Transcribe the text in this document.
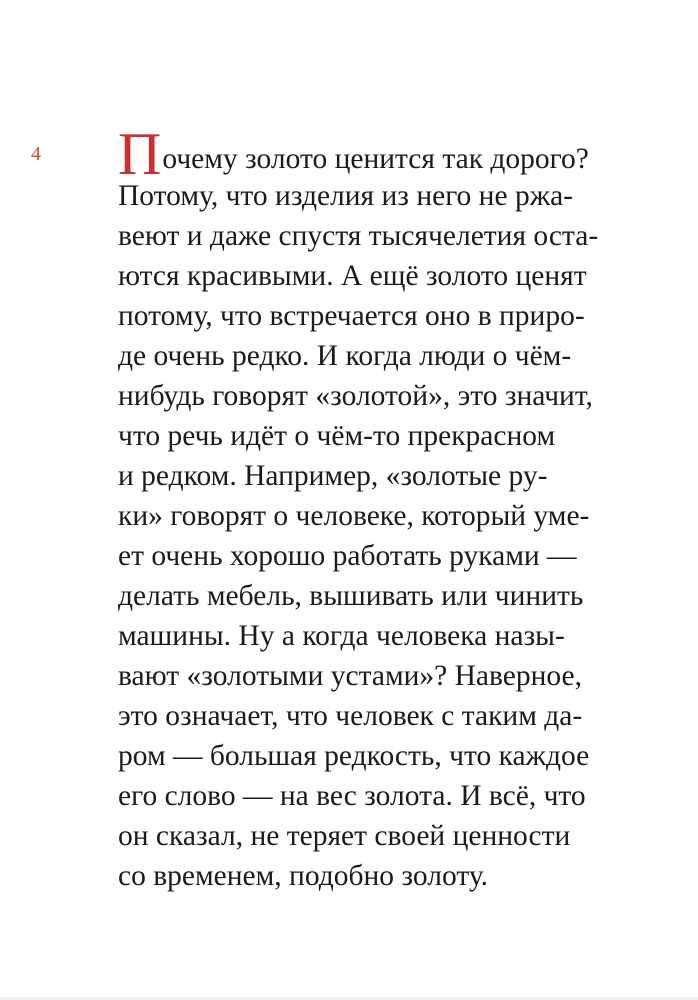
4 Почему золото ценится так дорого?
Потому, что изделия из него не ржа-
веют и даже спустя тысячелетия оста-
ются красивыми. А ещё золото ценят
потому, что встречается оно в приро-
де очень редко. И когда люди о чём-
нибудь говорят «золотой», это значит,
что речь идёт о чём-то прекрасном
и редком. Например, «золотые ру-
ки» говорят о человеке, который уме-
ет очень хорошо работать руками —
делать мебель, вышивать или чинить
машины. Ну а когда человека назы-
вают «золотыми устами»? Наверное,
это означает, что человек с таким да-
ром — большая редкость, что каждое
его слово — на вес золота. И всё, что
он сказал, не теряет своей ценности
со временем, подобно золоту.
